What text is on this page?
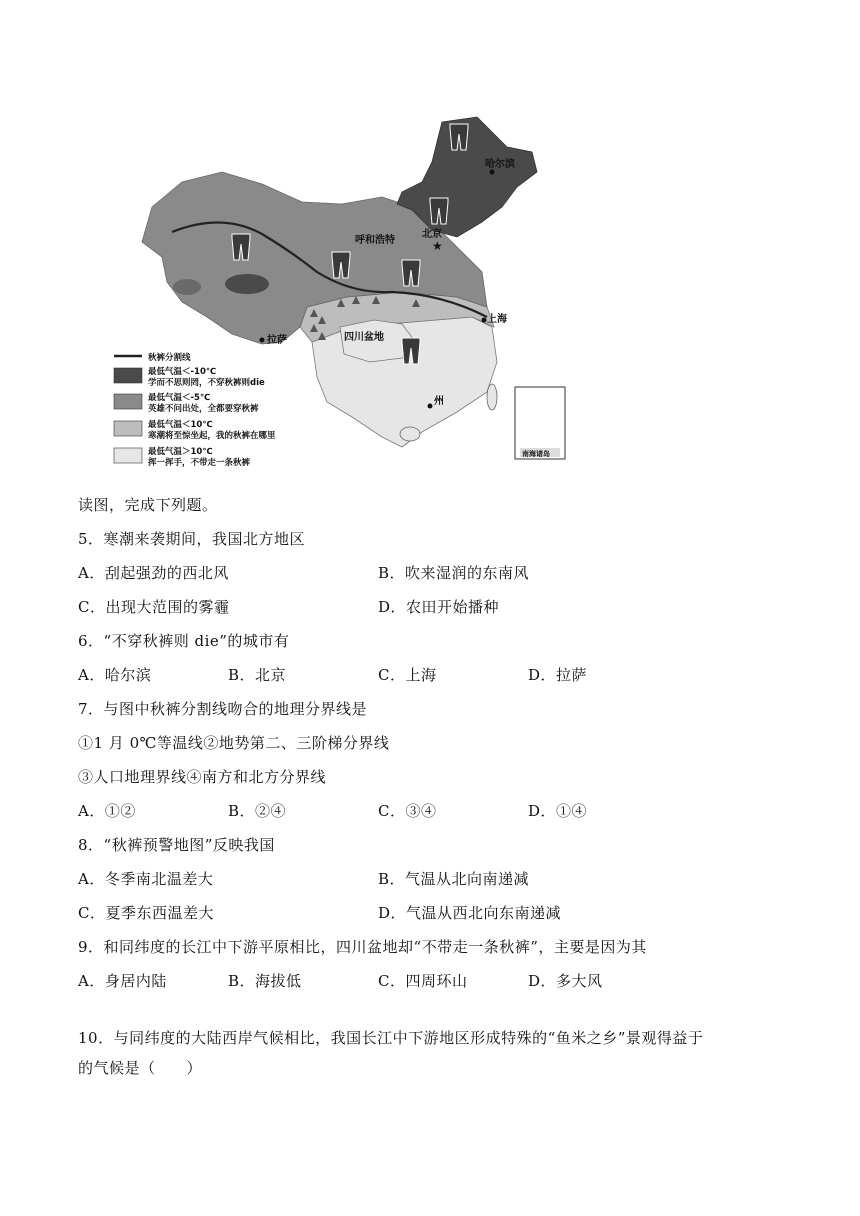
南海诸岛
哈尔滨
呼和浩特
北京
★
上海
拉萨	四川盆地
州
秋裤分割线
最低气温＜-10℃
学而不思则罔，不穿秋裤则die
最低气温＜-5℃
英雄不问出处，全都要穿秋裤
最低气温＜10℃
寒潮将至惊坐起，我的秋裤在哪里
最低气温＞10℃
挥一挥手，不带走一条秋裤
读图，完成下列题。
5．寒潮来袭期间，我国北方地区
A．刮起强劲的西北风	B．吹来湿润的东南风
C．出现大范围的雾霾	D．农田开始播种
6．“不穿秋裤则 die”的城市有
A．哈尔滨	B．北京	C．上海	D．拉萨
7．与图中秋裤分割线吻合的地理分界线是
①1 月 0℃等温线②地势第二、三阶梯分界线
③人口地理界线④南方和北方分界线
A．①②	B．②④	C．③④	D．①④
8．“秋裤预警地图”反映我国
A．冬季南北温差大	B．气温从北向南递减
C．夏季东西温差大	D．气温从西北向东南递减
9．和同纬度的长江中下游平原相比，四川盆地却“不带走一条秋裤”，主要是因为其
A．身居内陆	B．海拔低	C．四周环山	D．多大风
10．与同纬度的大陆西岸气候相比，我国长江中下游地区形成特殊的“鱼米之乡”景观得益于
的气候是（　　）
